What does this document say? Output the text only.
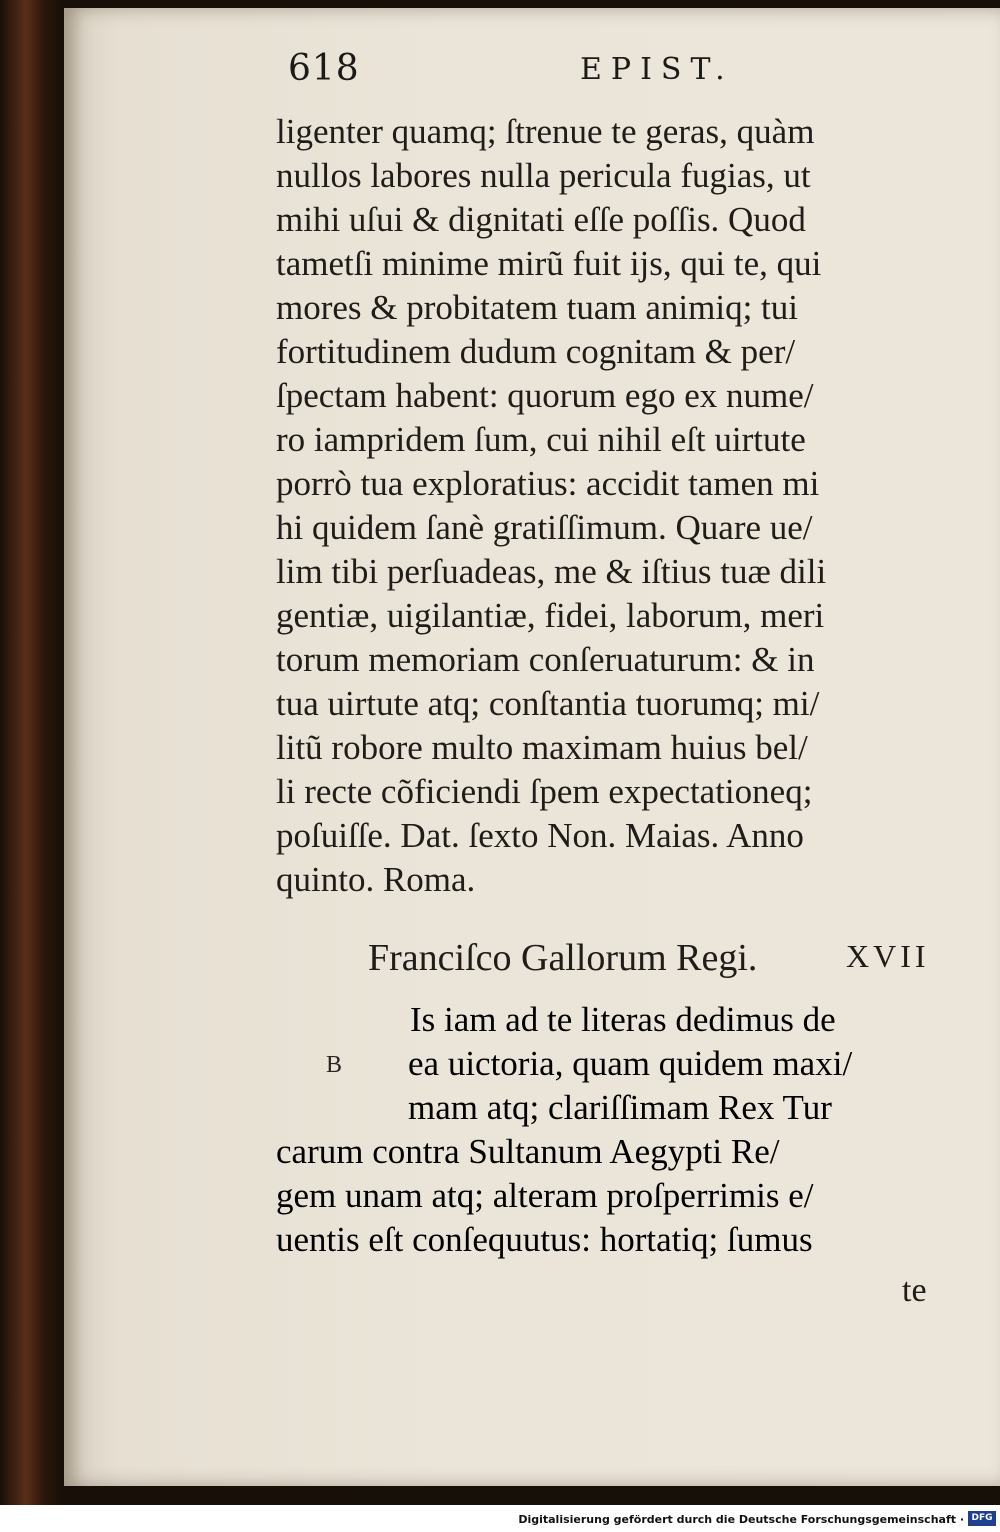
618	EPIST.
ligenter quamq; ſtrenue te geras, quàm
nullos labores nulla pericula fugias, ut
mihi uſui & dignitati eſſe poſſis. Quod
tametſi minime mirũ fuit ijs, qui te, qui
mores & probitatem tuam animiq; tui
fortitudinem dudum cognitam & per/
ſpectam habent: quorum ego ex nume/
ro iampridem ſum, cui nihil eſt uirtute
porrò tua exploratius: accidit tamen mi
hi quidem ſanè gratiſſimum. Quare ue/
lim tibi perſuadeas, me & iſtius tuæ dili
gentiæ, uigilantiæ, fidei, laborum, meri
torum memoriam conſeruaturum: & in
tua uirtute atq; conſtantia tuorumq; mi/
litũ robore multo maximam huius bel/
li recte cõficiendi ſpem expectationeq;
poſuiſſe. Dat. ſexto Non. Maias. Anno
quinto. Roma.
Franciſco Gallorum Regi.	XVII
B
Is iam ad te literas dedimus de
ea uictoria, quam quidem maxi/
mam atq; clariſſimam Rex Tur
carum contra Sultanum Aegypti Re/
gem unam atq; alteram proſperrimis e/
uentis eſt conſequutus: hortatiq; ſumus
te
Digitalisierung gefördert durch die Deutsche Forschungsgemeinschaft · DFG
